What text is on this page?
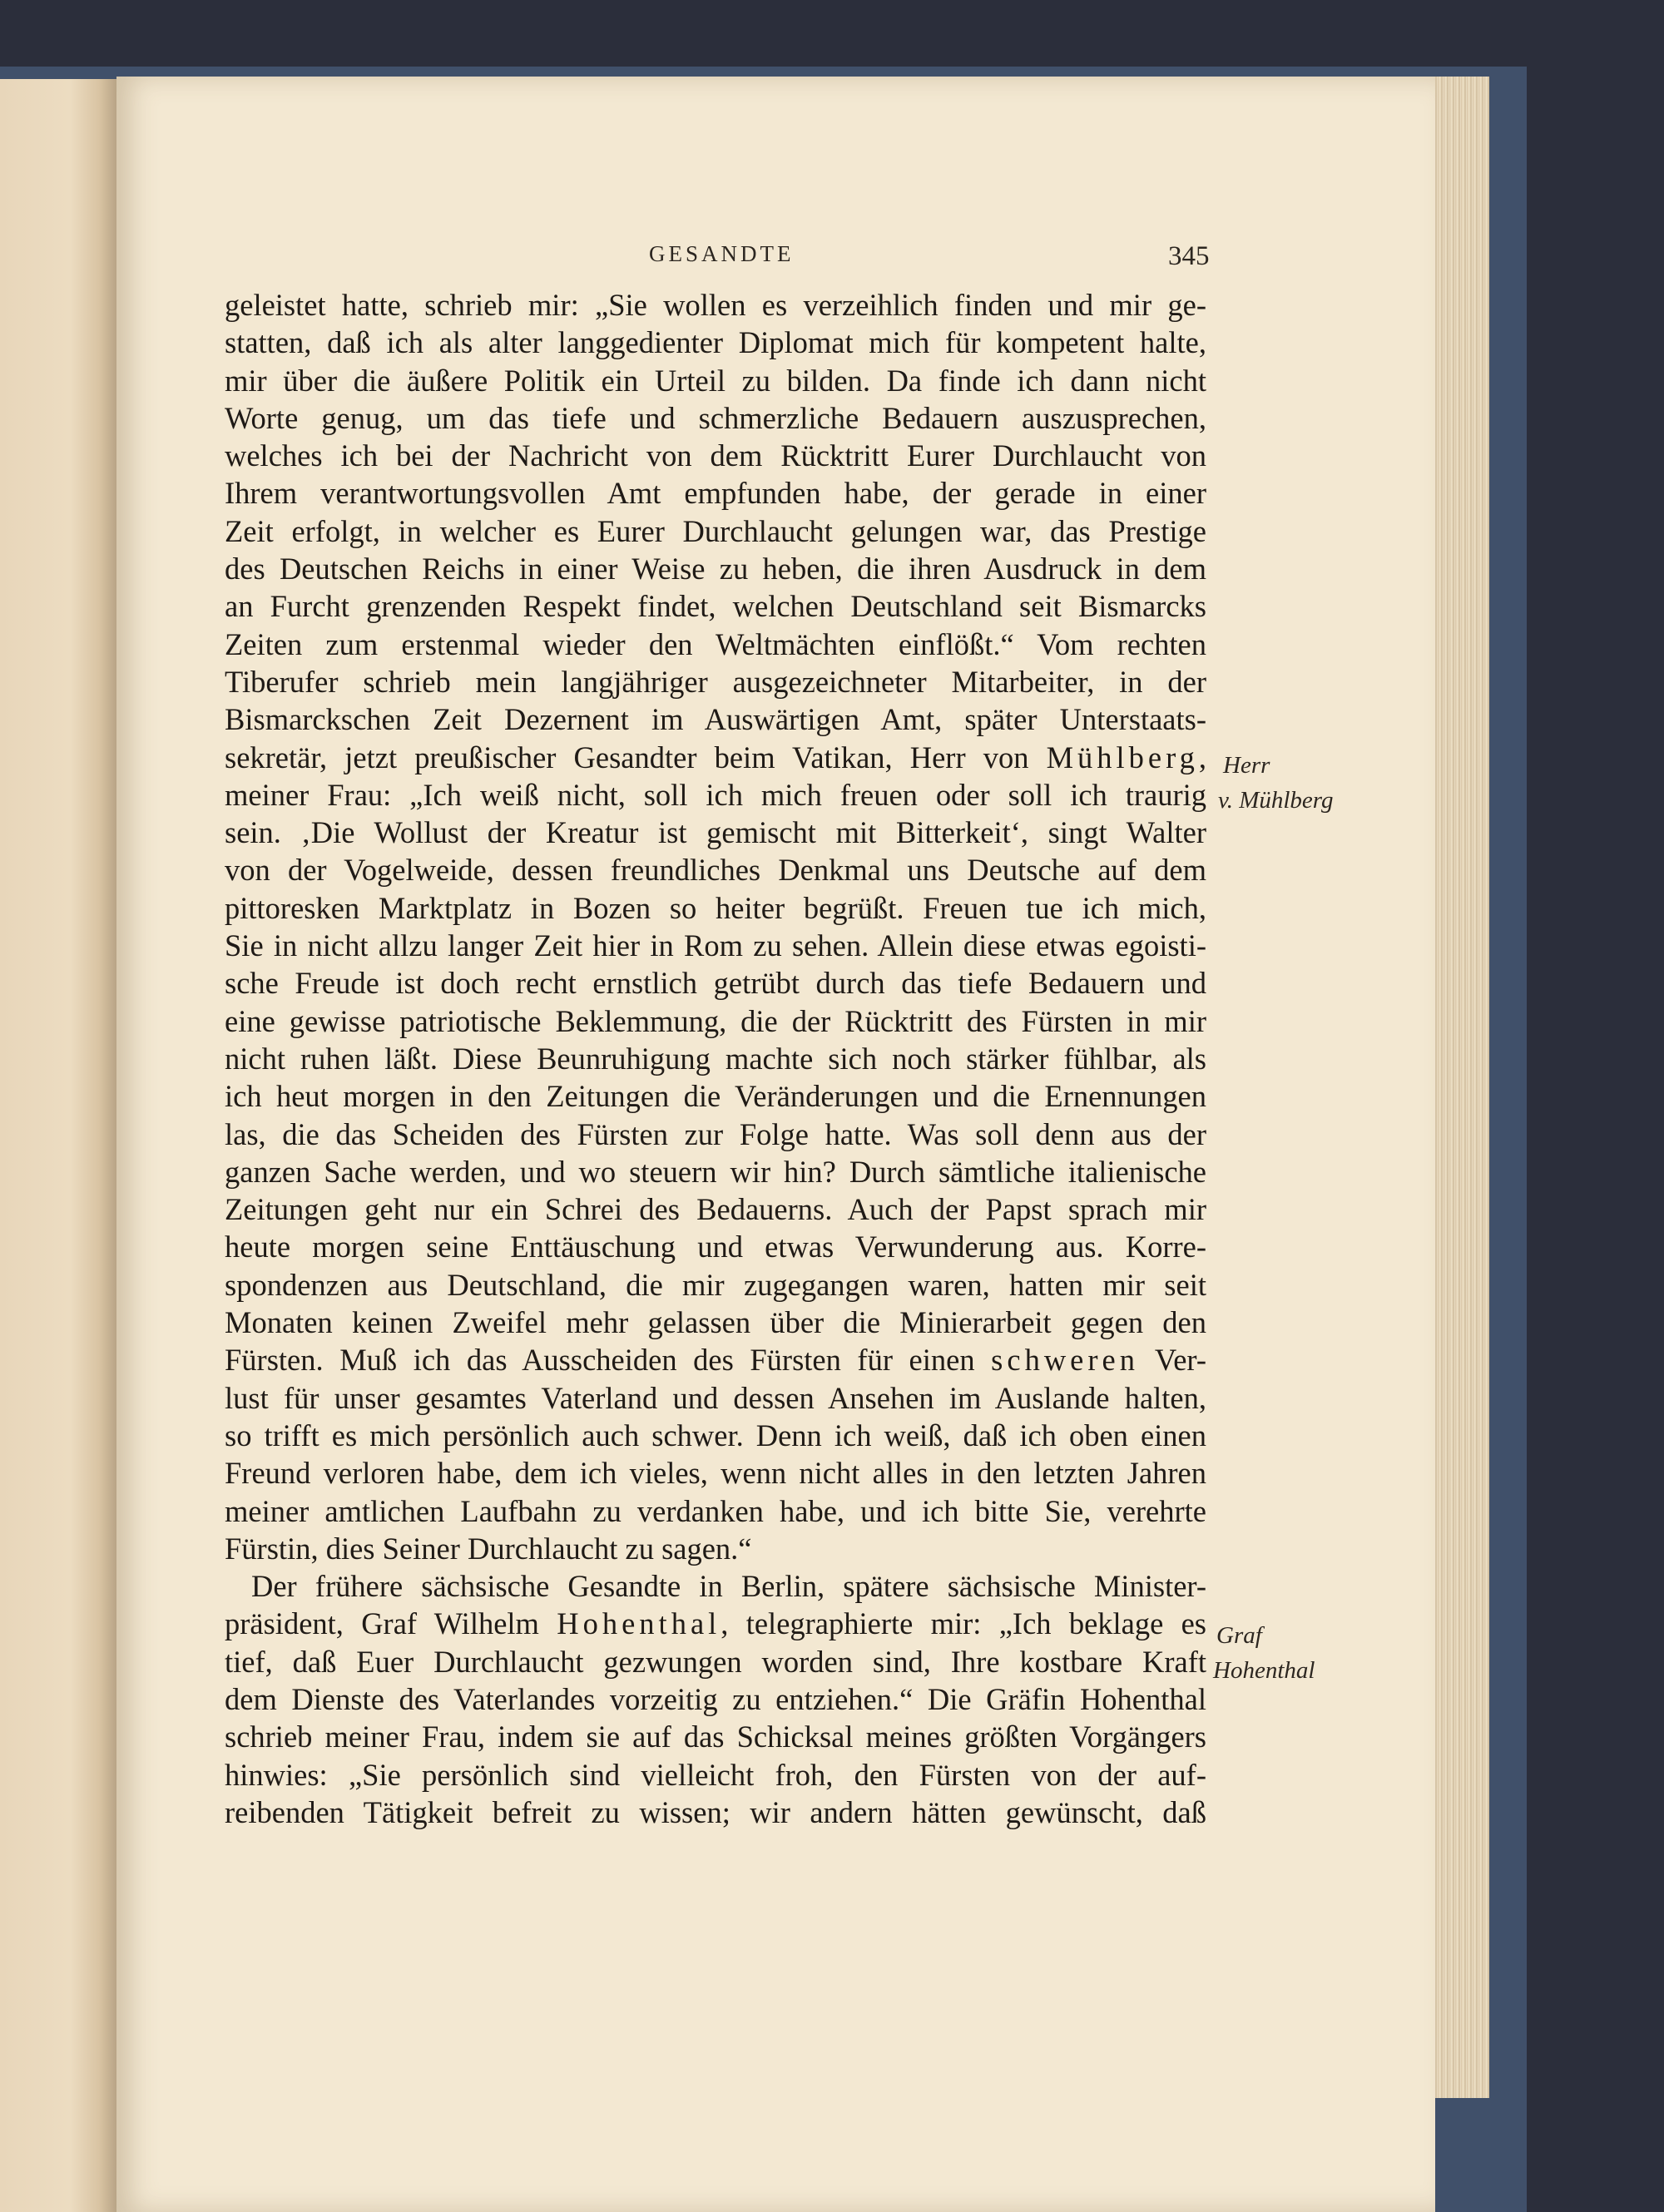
GESANDTE	345
geleistet hatte, schrieb mir: „Sie wollen es verzeihlich finden und mir ge-
statten, daß ich als alter langgedienter Diplomat mich für kompetent halte,
mir über die äußere Politik ein Urteil zu bilden. Da finde ich dann nicht
Worte genug, um das tiefe und schmerzliche Bedauern auszusprechen,
welches ich bei der Nachricht von dem Rücktritt Eurer Durchlaucht von
Ihrem verantwortungsvollen Amt empfunden habe, der gerade in einer
Zeit erfolgt, in welcher es Eurer Durchlaucht gelungen war, das Prestige
des Deutschen Reichs in einer Weise zu heben, die ihren Ausdruck in dem
an Furcht grenzenden Respekt findet, welchen Deutschland seit Bismarcks
Zeiten zum erstenmal wieder den Weltmächten einflößt.“ Vom rechten
Tiberufer schrieb mein langjähriger ausgezeichneter Mitarbeiter, in der
Bismarckschen Zeit Dezernent im Auswärtigen Amt, später Unterstaats-
sekretär, jetzt preußischer Gesandter beim Vatikan, Herr von Mühlberg,
meiner Frau: „Ich weiß nicht, soll ich mich freuen oder soll ich traurig
sein. ‚Die Wollust der Kreatur ist gemischt mit Bitterkeit‘, singt Walter
von der Vogelweide, dessen freundliches Denkmal uns Deutsche auf dem
pittoresken Marktplatz in Bozen so heiter begrüßt. Freuen tue ich mich,
Sie in nicht allzu langer Zeit hier in Rom zu sehen. Allein diese etwas egoisti-
sche Freude ist doch recht ernstlich getrübt durch das tiefe Bedauern und
eine gewisse patriotische Beklemmung, die der Rücktritt des Fürsten in mir
nicht ruhen läßt. Diese Beunruhigung machte sich noch stärker fühlbar, als
ich heut morgen in den Zeitungen die Veränderungen und die Ernennungen
las, die das Scheiden des Fürsten zur Folge hatte. Was soll denn aus der
ganzen Sache werden, und wo steuern wir hin? Durch sämtliche italienische
Zeitungen geht nur ein Schrei des Bedauerns. Auch der Papst sprach mir
heute morgen seine Enttäuschung und etwas Verwunderung aus. Korre-
spondenzen aus Deutschland, die mir zugegangen waren, hatten mir seit
Monaten keinen Zweifel mehr gelassen über die Minierarbeit gegen den
Fürsten. Muß ich das Ausscheiden des Fürsten für einen schweren Ver-
lust für unser gesamtes Vaterland und dessen Ansehen im Auslande halten,
so trifft es mich persönlich auch schwer. Denn ich weiß, daß ich oben einen
Freund verloren habe, dem ich vieles, wenn nicht alles in den letzten Jahren
meiner amtlichen Laufbahn zu verdanken habe, und ich bitte Sie, verehrte
Fürstin, dies Seiner Durchlaucht zu sagen.“
Der frühere sächsische Gesandte in Berlin, spätere sächsische Minister-
präsident, Graf Wilhelm Hohenthal, telegraphierte mir: „Ich beklage es
tief, daß Euer Durchlaucht gezwungen worden sind, Ihre kostbare Kraft
dem Dienste des Vaterlandes vorzeitig zu entziehen.“ Die Gräfin Hohenthal
schrieb meiner Frau, indem sie auf das Schicksal meines größten Vorgängers
hinwies: „Sie persönlich sind vielleicht froh, den Fürsten von der auf-
reibenden Tätigkeit befreit zu wissen; wir andern hätten gewünscht, daß
Herr
v. Mühlberg
Graf
Hohenthal
